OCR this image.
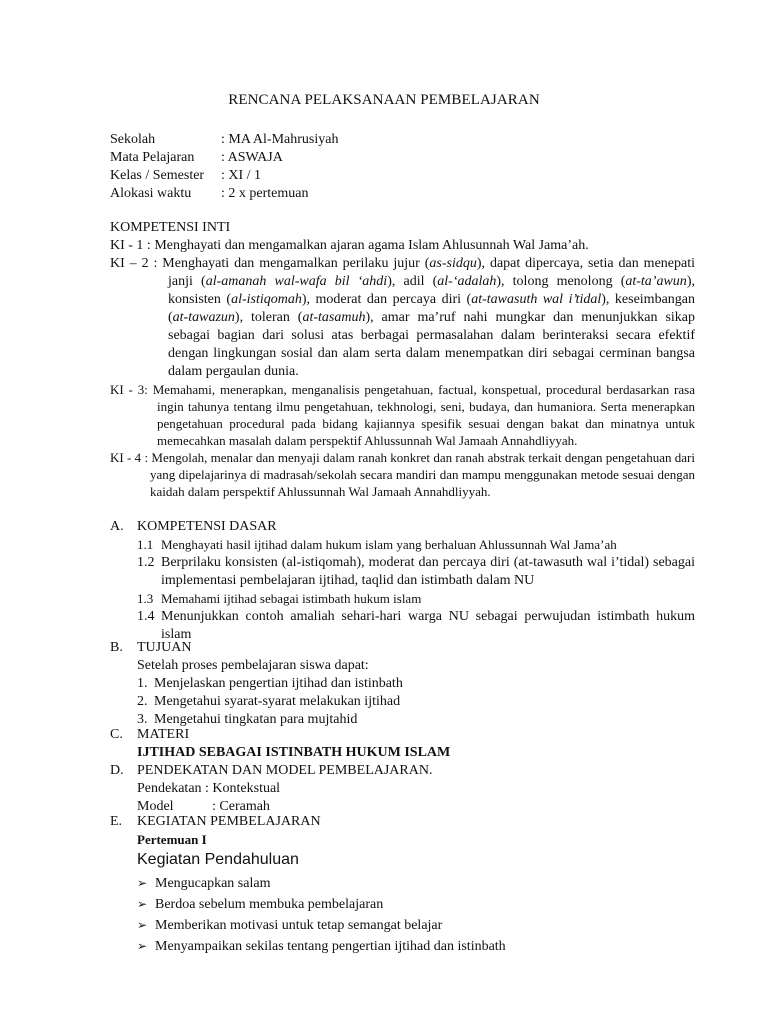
RENCANA PELAKSANAAN PEMBELAJARAN
Sekolah	: MA Al-Mahrusiyah
Mata Pelajaran	: ASWAJA
Kelas / Semester	: XI / 1
Alokasi waktu	: 2 x pertemuan
KOMPETENSI INTI
KI - 1 : Menghayati dan mengamalkan ajaran agama Islam Ahlusunnah Wal Jama’ah.
KI – 2 : Menghayati dan mengamalkan perilaku jujur (as-sidqu), dapat dipercaya, setia dan menepati janji (al-amanah wal-wafa bil ‘ahdi), adil (al-‘adalah), tolong menolong (at-ta’awun), konsisten (al-istiqomah), moderat dan percaya diri (at-tawasuth wal i’tidal), keseimbangan (at-tawazun), toleran (at-tasamuh), amar ma’ruf nahi mungkar dan menunjukkan sikap sebagai bagian dari solusi atas berbagai permasalahan dalam berinteraksi secara efektif dengan lingkungan sosial dan alam serta dalam menempatkan diri sebagai cerminan bangsa dalam pergaulan dunia.
KI - 3: Memahami, menerapkan, menganalisis pengetahuan, factual, konspetual, procedural berdasarkan rasa ingin tahunya tentang ilmu pengetahuan, tekhnologi, seni, budaya, dan humaniora. Serta menerapkan pengetahuan procedural pada bidang kajiannya spesifik sesuai dengan bakat dan minatnya untuk memecahkan masalah dalam perspektif Ahlussunnah Wal Jamaah Annahdliyyah.
KI - 4 : Mengolah, menalar dan menyaji dalam ranah konkret dan ranah abstrak terkait dengan pengetahuan dari yang dipelajarinya di madrasah/sekolah secara mandiri dan mampu menggunakan metode sesuai dengan kaidah dalam perspektif Ahlussunnah Wal Jamaah Annahdliyyah.
A. KOMPETENSI DASAR
1.1 Menghayati hasil ijtihad dalam hukum islam yang berhaluan Ahlussunnah Wal Jama’ah
1.2 Berprilaku konsisten (al-istiqomah), moderat dan percaya diri (at-tawasuth wal i’tidal) sebagai implementasi pembelajaran ijtihad, taqlid dan istimbath dalam NU
1.3 Memahami ijtihad sebagai istimbath hukum islam
1.4 Menunjukkan contoh amaliah sehari-hari warga NU sebagai perwujudan istimbath hukum islam
B. TUJUAN
Setelah proses pembelajaran siswa dapat:
1. Menjelaskan pengertian ijtihad dan istinbath
2. Mengetahui syarat-syarat melakukan ijtihad
3. Mengetahui tingkatan para mujtahid
C. MATERI
IJTIHAD SEBAGAI ISTINBATH HUKUM ISLAM
D. PENDEKATAN DAN MODEL PEMBELAJARAN.
Pendekatan : Kontekstual
Model	: Ceramah
E. KEGIATAN PEMBELAJARAN
Pertemuan I
Kegiatan Pendahuluan
➢ Mengucapkan salam
➢ Berdoa sebelum membuka pembelajaran
➢ Memberikan motivasi untuk tetap semangat belajar
➢ Menyampaikan sekilas tentang pengertian ijtihad dan istinbath
